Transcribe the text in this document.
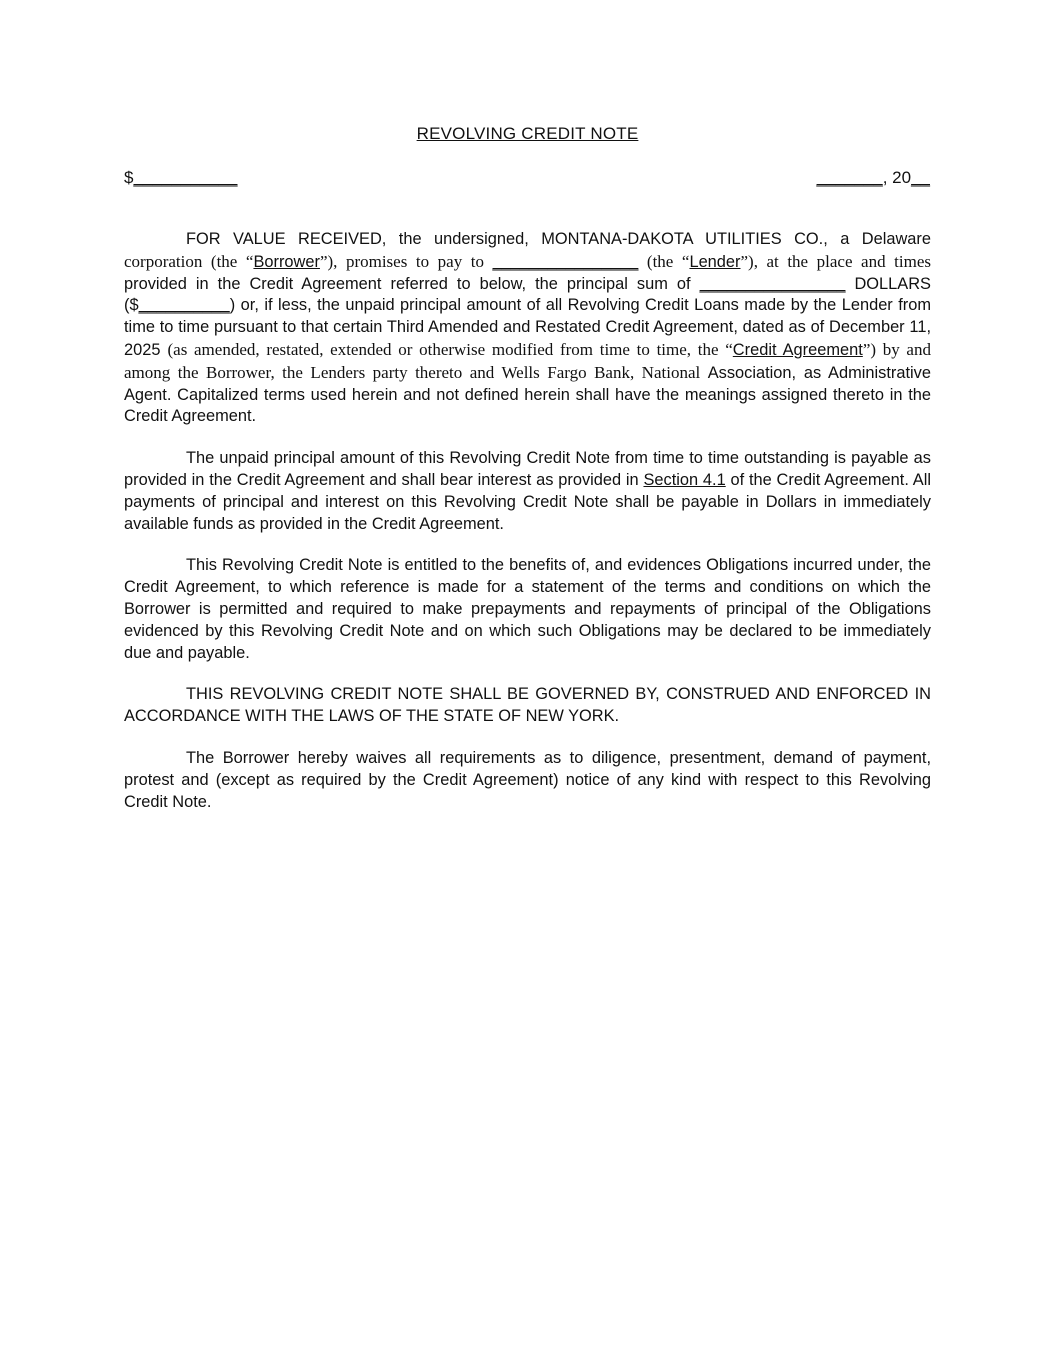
REVOLVING CREDIT NOTE
$___________	_______, 20__

FOR VALUE RECEIVED, the undersigned, MONTANA-DAKOTA UTILITIES CO., a Delaware corporation (the “Borrower”), promises to pay to ________________ (the “Lender”), at the place and times provided in the Credit Agreement referred to below, the principal sum of ________________ DOLLARS ($__________) or, if less, the unpaid principal amount of all Revolving Credit Loans made by the Lender from time to time pursuant to that certain Third Amended and Restated Credit Agreement, dated as of December 11, 2025 (as amended, restated, extended or otherwise modified from time to time, the “Credit Agreement”) by and among the Borrower, the Lenders party thereto and Wells Fargo Bank, National Association, as Administrative Agent. Capitalized terms used herein and not defined herein shall have the meanings assigned thereto in the Credit Agreement.

The unpaid principal amount of this Revolving Credit Note from time to time outstanding is payable as provided in the Credit Agreement and shall bear interest as provided in Section 4.1 of the Credit Agreement. All payments of principal and interest on this Revolving Credit Note shall be payable in Dollars in immediately available funds as provided in the Credit Agreement.

This Revolving Credit Note is entitled to the benefits of, and evidences Obligations incurred under, the Credit Agreement, to which reference is made for a statement of the terms and conditions on which the Borrower is permitted and required to make prepayments and repayments of principal of the Obligations evidenced by this Revolving Credit Note and on which such Obligations may be declared to be immediately due and payable.

THIS REVOLVING CREDIT NOTE SHALL BE GOVERNED BY, CONSTRUED AND ENFORCED IN ACCORDANCE WITH THE LAWS OF THE STATE OF NEW YORK.

The Borrower hereby waives all requirements as to diligence, presentment, demand of payment, protest and (except as required by the Credit Agreement) notice of any kind with respect to this Revolving Credit Note.
